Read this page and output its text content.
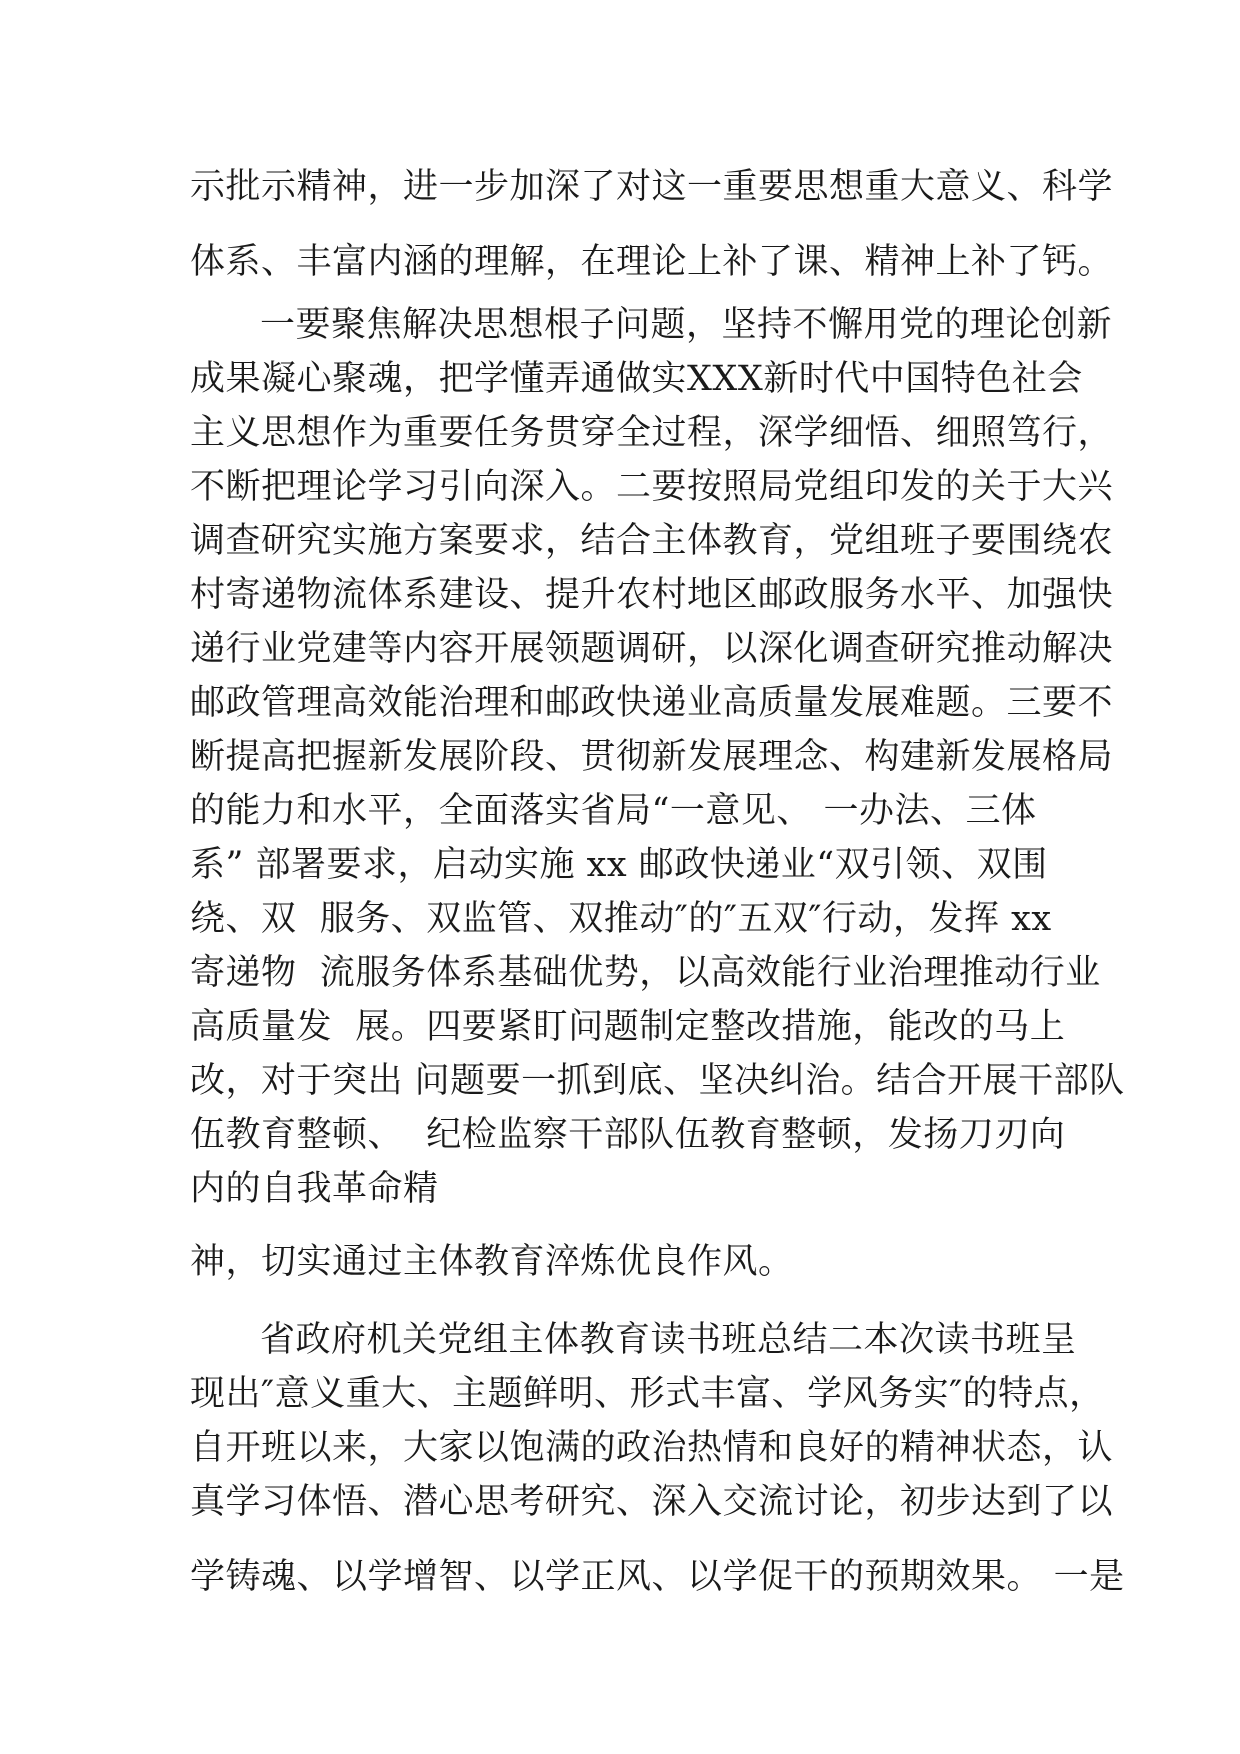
示批示精神，进一步加深了对这一重要思想重大意义、科学

体系、丰富内涵的理解，在理论上补了课、精神上补了钙。

一要聚焦解决思想根子问题，坚持不懈用党的理论创新

成果凝心聚魂，把学懂弄通做实XXX新时代中国特色社会

主义思想作为重要任务贯穿全过程，深学细悟、细照笃行，

不断把理论学习引向深入。二要按照局党组印发的关于大兴

调查研究实施方案要求，结合主体教育，党组班子要围绕农

村寄递物流体系建设、提升农村地区邮政服务水平、加强快

递行业党建等内容开展领题调研，以深化调查研究推动解决

邮政管理高效能治理和邮政快递业高质量发展难题。三要不

断提高把握新发展阶段、贯彻新发展理念、构建新发展格局

的能力和水平，全面落实省局“一意见、 一办法、三体

系” 部署要求，启动实施 xx 邮政快递业“双引领、双围

绕、双  服务、双监管、双推动″的″五双″行动，发挥 xx

寄递物  流服务体系基础优势，以高效能行业治理推动行业

高质量发  展。四要紧盯问题制定整改措施，能改的马上

改，对于突出 问题要一抓到底、坚决纠治。结合开展干部队

伍教育整顿、  纪检监察干部队伍教育整顿，发扬刀刃向

内的自我革命精

神，切实通过主体教育淬炼优良作风。

省政府机关党组主体教育读书班总结二本次读书班呈

现出″意义重大、主题鲜明、形式丰富、学风务实″的特点，

自开班以来，大家以饱满的政治热情和良好的精神状态，认

真学习体悟、潜心思考研究、深入交流讨论，初步达到了以

学铸魂、以学增智、以学正风、以学促干的预期效果。 一是
